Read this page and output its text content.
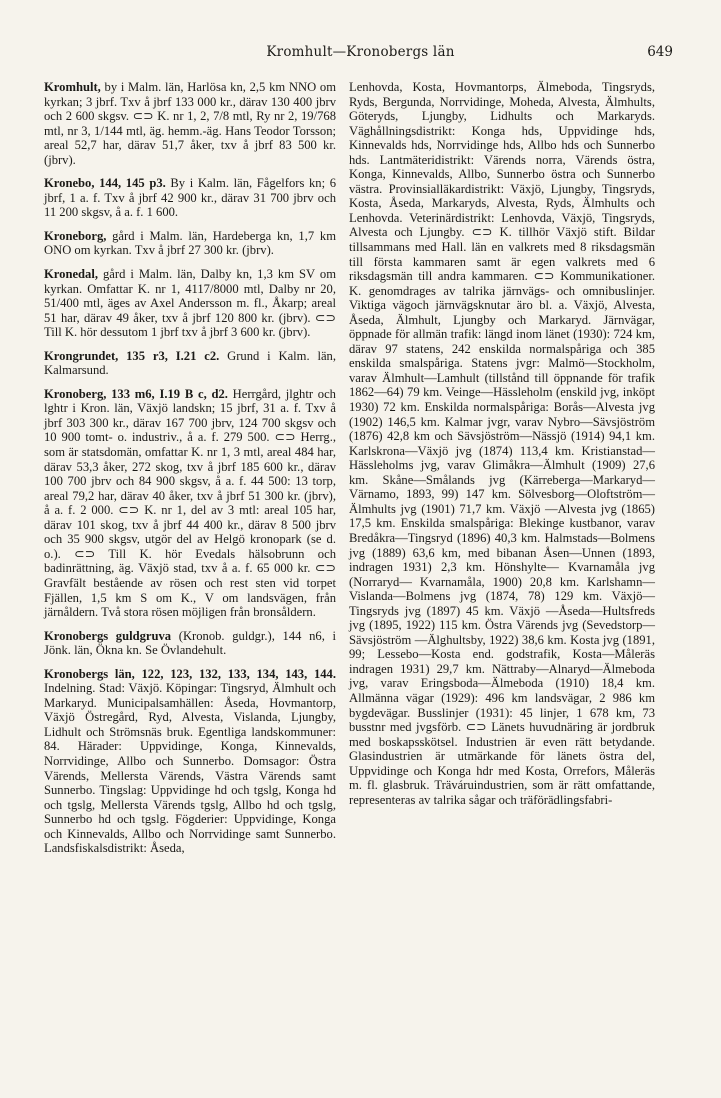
Kromhult—Kronobergs län	649

Kromhult, by i Malm. län, Harlösa kn, 2,5 km NNO om kyrkan; 3 jbrf. Txv å jbrf 133 000 kr., därav 130 400 jbrv och 2 600 skgsv. ⊂⊃ K. nr 1, 2, 7/8 mtl, Ry nr 2, 19/768 mtl, nr 3, 1/144 mtl, äg. hemm.-äg. Hans Teodor Torsson; areal 52,7 har, därav 51,7 åker, txv å jbrf 83 500 kr. (jbrv).

Kronebo, 144, 145 p3. By i Kalm. län, Fågelfors kn; 6 jbrf, 1 a. f. Txv å jbrf 42 900 kr., därav 31 700 jbrv och 11 200 skgsv, å a. f. 1 600.

Kroneborg, gård i Malm. län, Hardeberga kn, 1,7 km ONO om kyrkan. Txv å jbrf 27 300 kr. (jbrv).

Kronedal, gård i Malm. län, Dalby kn, 1,3 km SV om kyrkan. Omfattar K. nr 1, 4117/8000 mtl, Dalby nr 20, 51/400 mtl, äges av Axel Andersson m. fl., Åkarp; areal 51 har, därav 49 åker, txv å jbrf 120 800 kr. (jbrv). ⊂⊃ Till K. hör dessutom 1 jbrf txv å jbrf 3 600 kr. (jbrv).

Krongrundet, 135 r3, I.21 c2. Grund i Kalm. län, Kalmarsund.

Kronoberg, 133 m6, I.19 B c, d2. Herrgård, jlghtr och lghtr i Kron. län, Växjö landskn; 15 jbrf, 31 a. f. Txv å jbrf 303 300 kr., därav 167 700 jbrv, 124 700 skgsv och 10 900 tomt- o. industriv., å a. f. 279 500. ⊂⊃ Herrg., som är statsdomän, omfattar K. nr 1, 3 mtl, areal 484 har, därav 53,3 åker, 272 skog, txv å jbrf 185 600 kr., därav 100 700 jbrv och 84 900 skgsv, å a. f. 44 500: 13 torp, areal 79,2 har, därav 40 åker, txv å jbrf 51 300 kr. (jbrv), å a. f. 2 000. ⊂⊃ K. nr 1, del av 3 mtl: areal 105 har, därav 101 skog, txv å jbrf 44 400 kr., därav 8 500 jbrv och 35 900 skgsv, utgör del av Helgö kronopark (se d. o.). ⊂⊃ Till K. hör Evedals hälsobrunn och badinrättning, äg. Växjö stad, txv å a. f. 65 000 kr. ⊂⊃ Gravfält bestående av rösen och rest sten vid torpet Fjällen, 1,5 km S om K., V om landsvägen, från järnåldern. Två stora rösen möjligen från bronsåldern.

Kronobergs guldgruva (Kronob. guldgr.), 144 n6, i Jönk. län, Ökna kn. Se Övlandehult.

Kronobergs län, 122, 123, 132, 133, 134, 143, 144. Indelning. Stad: Växjö. Köpingar: Tingsryd, Älmhult och Markaryd. Municipalsamhällen: Åseda, Hovmantorp, Växjö Östregård, Ryd, Alvesta, Vislanda, Ljungby, Lidhult och Strömsnäs bruk. Egentliga landskommuner: 84. Härader: Uppvidinge, Konga, Kinnevalds, Norrvidinge, Allbo och Sunnerbo. Domsagor: Östra Värends, Mellersta Värends, Västra Värends samt Sunnerbo. Tingslag: Uppvidinge hd och tgslg, Konga hd och tgslg, Mellersta Värends tgslg, Allbo hd och tgslg, Sunnerbo hd och tgslg. Fögderier: Uppvidinge, Konga och Kinnevalds, Allbo och Norrvidinge samt Sunnerbo. Landsfiskalsdistrikt: Åseda,

Lenhovda, Kosta, Hovmantorps, Älmeboda, Tingsryds, Ryds, Bergunda, Norrvidinge, Moheda, Alvesta, Älmhults, Göteryds, Ljungby, Lidhults och Markaryds. Väghållningsdistrikt: Konga hds, Uppvidinge hds, Kinnevalds hds, Norrvidinge hds, Allbo hds och Sunnerbo hds. Lantmäteridistrikt: Värends norra, Värends östra, Konga, Kinnevalds, Allbo, Sunnerbo östra och Sunnerbo västra. Provinsialläkardistrikt: Växjö, Ljungby, Tingsryds, Kosta, Åseda, Markaryds, Alvesta, Ryds, Älmhults och Lenhovda. Veterinärdistrikt: Lenhovda, Växjö, Tingsryds, Alvesta och Ljungby. ⊂⊃ K. tillhör Växjö stift. Bildar tillsammans med Hall. län en valkrets med 8 riksdagsmän till första kammaren samt är egen valkrets med 6 riksdagsmän till andra kammaren. ⊂⊃ Kommunikationer. K. genomdrages av talrika järnvägs- och omnibuslinjer. Viktiga vägoch järnvägsknutar äro bl. a. Växjö, Alvesta, Åseda, Älmhult, Ljungby och Markaryd. Järnvägar, öppnade för allmän trafik: längd inom länet (1930): 724 km, därav 97 statens, 242 enskilda normalspåriga och 385 enskilda smalspåriga. Statens jvgr: Malmö—Stockholm, varav Älmhult—Lamhult (tillstånd till öppnande för trafik 1862—64) 79 km. Veinge—Hässleholm (enskild jvg, inköpt 1930) 72 km. Enskilda normalspåriga: Borås—Alvesta jvg (1902) 146,5 km. Kalmar jvgr, varav Nybro—Sävsjöström (1876) 42,8 km och Sävsjöström—Nässjö (1914) 94,1 km. Karlskrona—Växjö jvg (1874) 113,4 km. Kristianstad—Hässleholms jvg, varav Glimåkra—Älmhult (1909) 27,6 km. Skåne—Smålands jvg (Kärreberga—Markaryd—Värnamo, 1893, 99) 147 km. Sölvesborg—Oloftström—Älmhults jvg (1901) 71,7 km. Växjö —Alvesta jvg (1865) 17,5 km. Enskilda smalspåriga: Blekinge kustbanor, varav Bredåkra—Tingsryd (1896) 40,3 km. Halmstads—Bolmens jvg (1889) 63,6 km, med bibanan Åsen—Unnen (1893, indragen 1931) 2,3 km. Hönshylte— Kvarnamåla jvg (Norraryd— Kvarnamåla, 1900) 20,8 km. Karlshamn—Vislanda—Bolmens jvg (1874, 78) 129 km. Växjö—Tingsryds jvg (1897) 45 km. Växjö —Åseda—Hultsfreds jvg (1895, 1922) 115 km. Östra Värends jvg (Sevedstorp—Sävsjöström —Älghultsby, 1922) 38,6 km. Kosta jvg (1891, 99; Lessebo—Kosta end. godstrafik, Kosta—Måleräs indragen 1931) 29,7 km. Nättraby—Alnaryd—Älmeboda jvg, varav Eringsboda—Älmeboda (1910) 18,4 km. Allmänna vägar (1929): 496 km landsvägar, 2 986 km bygdevägar. Busslinjer (1931): 45 linjer, 1 678 km, 73 busstnr med jvgsförb. ⊂⊃ Länets huvudnäring är jordbruk med boskapsskötsel. Industrien är even rätt betydande. Glasindustrien är utmärkande för länets östra del, Uppvidinge och Konga hdr med Kosta, Orrefors, Måleräs m. fl. glasbruk. Träváruindustrien, som är rätt omfattande, representeras av talrika sågar och träförädlingsfabri-
